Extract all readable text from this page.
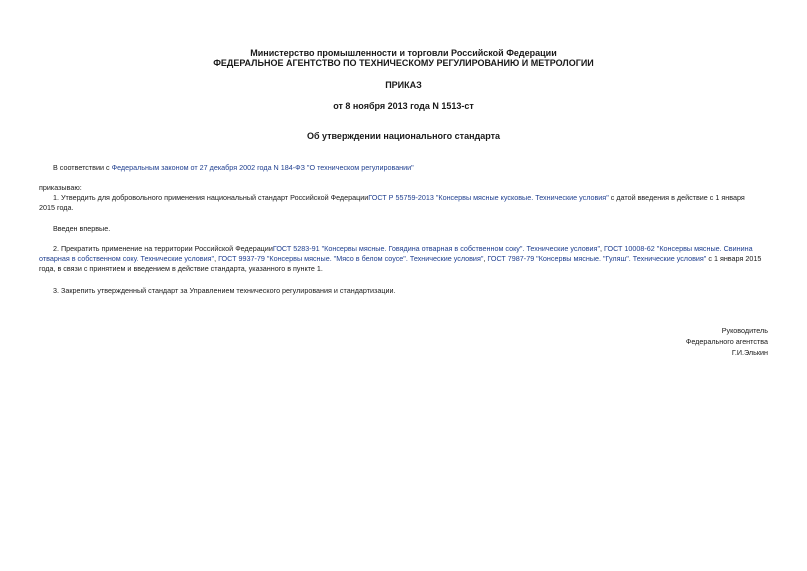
Министерство промышленности и торговли Российской Федерации
ФЕДЕРАЛЬНОЕ АГЕНТСТВО ПО ТЕХНИЧЕСКОМУ РЕГУЛИРОВАНИЮ И МЕТРОЛОГИИ
ПРИКАЗ
от 8 ноября 2013 года N 1513-ст
Об утверждении национального стандарта
В соответствии с Федеральным законом от 27 декабря 2002 года N 184-ФЗ "О техническом регулировании"
приказываю:
1. Утвердить для добровольного применения национальный стандарт Российской ФедерацииГОСТ Р 55759-2013 "Консервы мясные кусковые. Технические условия" с датой введения в действие с 1 января
2015 года.
Введен впервые.
2. Прекратить применение на территории Российской ФедерацииГОСТ 5283-91 "Консервы мясные. Говядина отварная в собственном соку". Технические условия", ГОСТ 10008-62 "Консервы мясные. Свинина
отварная в собственном соку. Технические условия", ГОСТ 9937-79 "Консервы мясные. "Мясо в белом соусе". Технические условия", ГОСТ 7987-79 "Консервы мясные. "Гуляш". Технические условия" с 1 января 2015
года, в связи с принятием и введением в действие стандарта, указанного в пункте 1.
3. Закрепить утвержденный стандарт за Управлением технического регулирования и стандартизации.
Руководитель
Федерального агентства
Г.И.Элькин
